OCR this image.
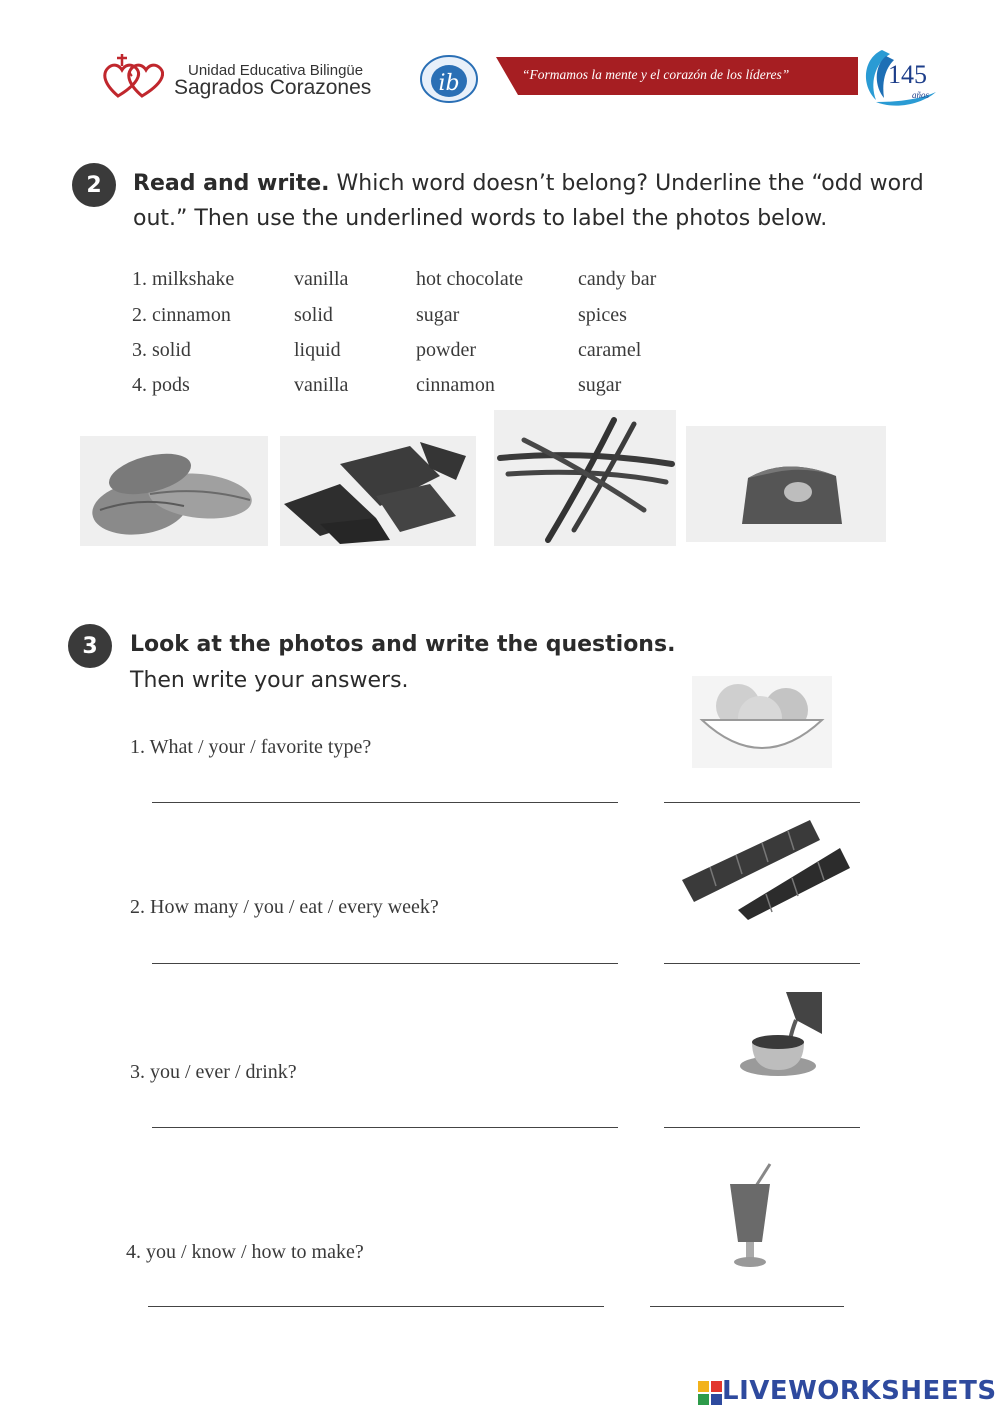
Unidad Educativa Bilingüe
Sagrados Corazones	ib	“Formamos la mente y el corazón de los líderes”	145
años
2	Read and write. Which word doesn’t belong? Underline the “odd word
out.” Then use the underlined words to label the photos below.
1. milkshake	vanilla	hot chocolate	candy bar
2. cinnamon	solid	sugar	spices
3. solid	liquid	powder	caramel
4. pods	vanilla	cinnamon	sugar
3	Look at the photos and write the questions.
Then write your answers.
1. What / your / favorite type?
2. How many / you / eat / every week?
3. you / ever / drink?
4. you / know / how to make?
LIVEWORKSHEETS
